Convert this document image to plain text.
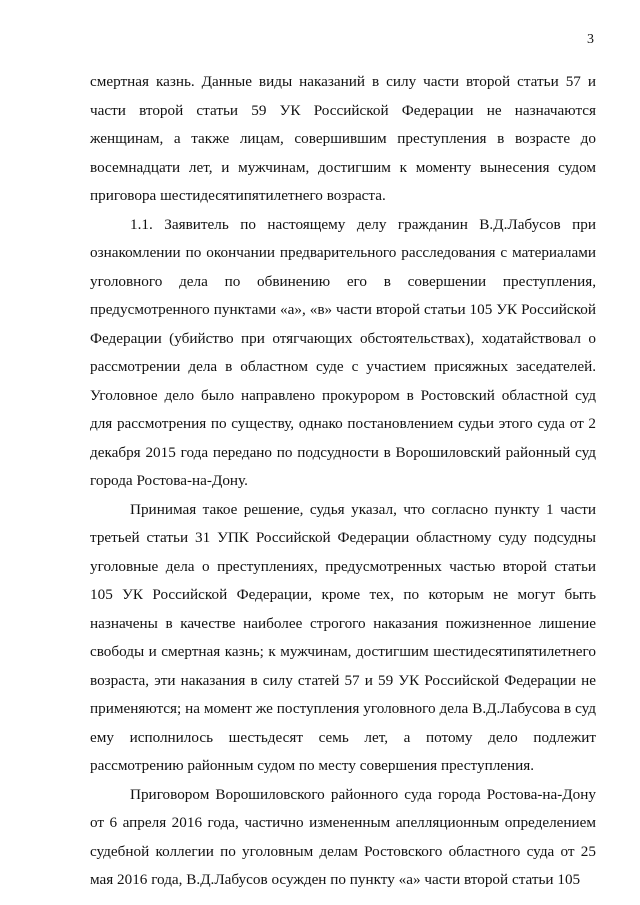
3

смертная казнь. Данные виды наказаний в силу части второй статьи 57 и части второй статьи 59 УК Российской Федерации не назначаются женщинам, а также лицам, совершившим преступления в возрасте до восемнадцати лет, и мужчинам, достигшим к моменту вынесения судом приговора шестидесятипятилетнего возраста.

1.1. Заявитель по настоящему делу гражданин В.Д.Лабусов при ознакомлении по окончании предварительного расследования с материалами уголовного дела по обвинению его в совершении преступления, предусмотренного пунктами «а», «в» части второй статьи 105 УК Российской Федерации (убийство при отягчающих обстоятельствах), ходатайствовал о рассмотрении дела в областном суде с участием присяжных заседателей. Уголовное дело было направлено прокурором в Ростовский областной суд для рассмотрения по существу, однако постановлением судьи этого суда от 2 декабря 2015 года передано по подсудности в Ворошиловский районный суд города Ростова-на-Дону.

Принимая такое решение, судья указал, что согласно пункту 1 части третьей статьи 31 УПК Российской Федерации областному суду подсудны уголовные дела о преступлениях, предусмотренных частью второй статьи 105 УК Российской Федерации, кроме тех, по которым не могут быть назначены в качестве наиболее строгого наказания пожизненное лишение свободы и смертная казнь; к мужчинам, достигшим шестидесятипятилетнего возраста, эти наказания в силу статей 57 и 59 УК Российской Федерации не применяются; на момент же поступления уголовного дела В.Д.Лабусова в суд ему исполнилось шестьдесят семь лет, а потому дело подлежит рассмотрению районным судом по месту совершения преступления.

Приговором Ворошиловского районного суда города Ростова-на-Дону от 6 апреля 2016 года, частично измененным апелляционным определением судебной коллегии по уголовным делам Ростовского областного суда от 25 мая 2016 года, В.Д.Лабусов осужден по пункту «а» части второй статьи 105
